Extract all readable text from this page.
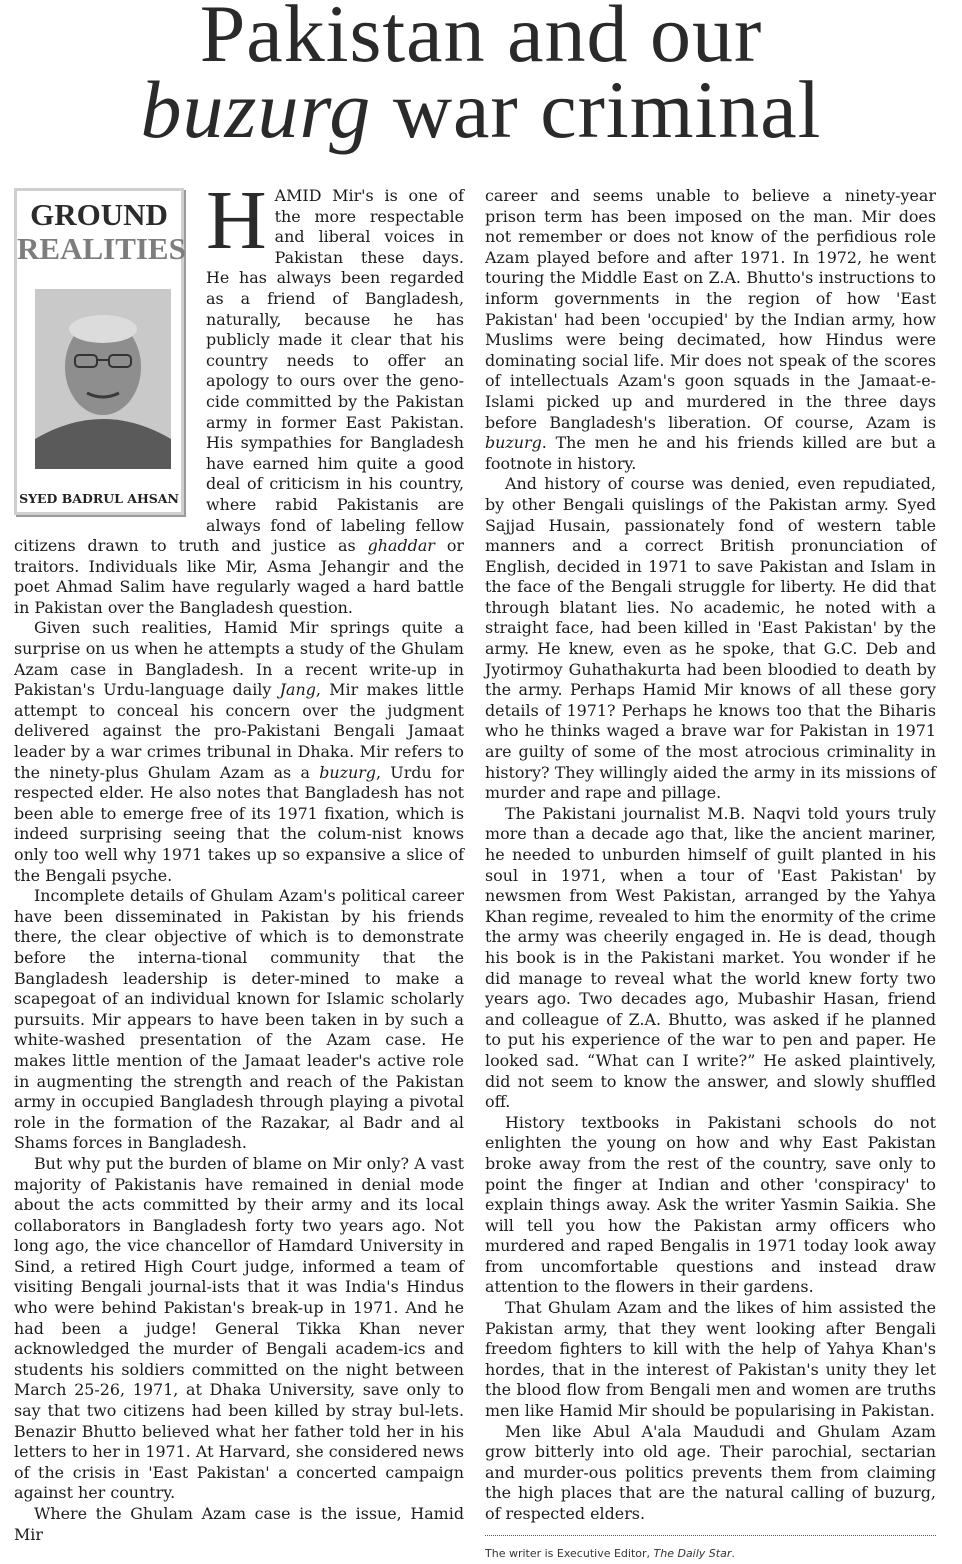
Pakistan and our
buzurg war criminal
GROUND
REALITIES
SYED BADRUL AHSAN
H AMID Mir's is one of the more respectable and liberal voices in Pakistan these days. He has always been regarded as a friend of Bangladesh, naturally, because he has publicly made it clear that his country needs to offer an apology to ours over the geno-cide committed by the Pakistan army in former East Pakistan. His sympathies for Bangladesh have earned him quite a good deal of criticism in his country, where rabid Pakistanis are always fond of labeling fellow citizens drawn to truth and justice as ghaddar or traitors. Individuals like Mir, Asma Jehangir and the poet Ahmad Salim have regularly waged a hard battle in Pakistan over the Bangladesh question.

Given such realities, Hamid Mir springs quite a surprise on us when he attempts a study of the Ghulam Azam case in Bangladesh. In a recent write-up in Pakistan's Urdu-language daily Jang, Mir makes little attempt to conceal his concern over the judgment delivered against the pro-Pakistani Bengali Jamaat leader by a war crimes tribunal in Dhaka. Mir refers to the ninety-plus Ghulam Azam as a buzurg, Urdu for respected elder. He also notes that Bangladesh has not been able to emerge free of its 1971 fixation, which is indeed surprising seeing that the colum-nist knows only too well why 1971 takes up so expansive a slice of the Bengali psyche.

Incomplete details of Ghulam Azam's political career have been disseminated in Pakistan by his friends there, the clear objective of which is to demonstrate before the interna-tional community that the Bangladesh leadership is deter-mined to make a scapegoat of an individual known for Islamic scholarly pursuits. Mir appears to have been taken in by such a white-washed presentation of the Azam case. He makes little mention of the Jamaat leader's active role in augmenting the strength and reach of the Pakistan army in occupied Bangladesh through playing a pivotal role in the formation of the Razakar, al Badr and al Shams forces in Bangladesh.

But why put the burden of blame on Mir only? A vast majority of Pakistanis have remained in denial mode about the acts committed by their army and its local collaborators in Bangladesh forty two years ago. Not long ago, the vice chancellor of Hamdard University in Sind, a retired High Court judge, informed a team of visiting Bengali journal-ists that it was India's Hindus who were behind Pakistan's break-up in 1971. And he had been a judge! General Tikka Khan never acknowledged the murder of Bengali academ-ics and students his soldiers committed on the night between March 25-26, 1971, at Dhaka University, save only to say that two citizens had been killed by stray bul-lets. Benazir Bhutto believed what her father told her in his letters to her in 1971. At Harvard, she considered news of the crisis in 'East Pakistan' a concerted campaign against her country.

Where the Ghulam Azam case is the issue, Hamid Mir

career and seems unable to believe a ninety-year prison term has been imposed on the man. Mir does not remember or does not know of the perfidious role Azam played before and after 1971. In 1972, he went touring the Middle East on Z.A. Bhutto's instructions to inform governments in the region of how 'East Pakistan' had been 'occupied' by the Indian army, how Muslims were being decimated, how Hindus were dominating social life. Mir does not speak of the scores of intellectuals Azam's goon squads in the Jamaat-e-Islami picked up and murdered in the three days before Bangladesh's liberation. Of course, Azam is buzurg. The men he and his friends killed are but a footnote in history.

And history of course was denied, even repudiated, by other Bengali quislings of the Pakistan army. Syed Sajjad Husain, passionately fond of western table manners and a correct British pronunciation of English, decided in 1971 to save Pakistan and Islam in the face of the Bengali struggle for liberty. He did that through blatant lies. No academic, he noted with a straight face, had been killed in 'East Pakistan' by the army. He knew, even as he spoke, that G.C. Deb and Jyotirmoy Guhathakurta had been bloodied to death by the army. Perhaps Hamid Mir knows of all these gory details of 1971? Perhaps he knows too that the Biharis who he thinks waged a brave war for Pakistan in 1971 are guilty of some of the most atrocious criminality in history? They willingly aided the army in its missions of murder and rape and pillage.

The Pakistani journalist M.B. Naqvi told yours truly more than a decade ago that, like the ancient mariner, he needed to unburden himself of guilt planted in his soul in 1971, when a tour of 'East Pakistan' by newsmen from West Pakistan, arranged by the Yahya Khan regime, revealed to him the enormity of the crime the army was cheerily engaged in. He is dead, though his book is in the Pakistani market. You wonder if he did manage to reveal what the world knew forty two years ago. Two decades ago, Mubashir Hasan, friend and colleague of Z.A. Bhutto, was asked if he planned to put his experience of the war to pen and paper. He looked sad. “What can I write?” He asked plaintively, did not seem to know the answer, and slowly shuffled off.

History textbooks in Pakistani schools do not enlighten the young on how and why East Pakistan broke away from the rest of the country, save only to point the finger at Indian and other 'conspiracy' to explain things away. Ask the writer Yasmin Saikia. She will tell you how the Pakistan army officers who murdered and raped Bengalis in 1971 today look away from uncomfortable questions and instead draw attention to the flowers in their gardens.

That Ghulam Azam and the likes of him assisted the Pakistan army, that they went looking after Bengali freedom fighters to kill with the help of Yahya Khan's hordes, that in the interest of Pakistan's unity they let the blood flow from Bengali men and women are truths men like Hamid Mir should be popularising in Pakistan.

Men like Abul A'ala Maududi and Ghulam Azam grow bitterly into old age. Their parochial, sectarian and murder-ous politics prevents them from claiming the high places that are the natural calling of buzurg, of respected elders.

The writer is Executive Editor, The Daily Star.
